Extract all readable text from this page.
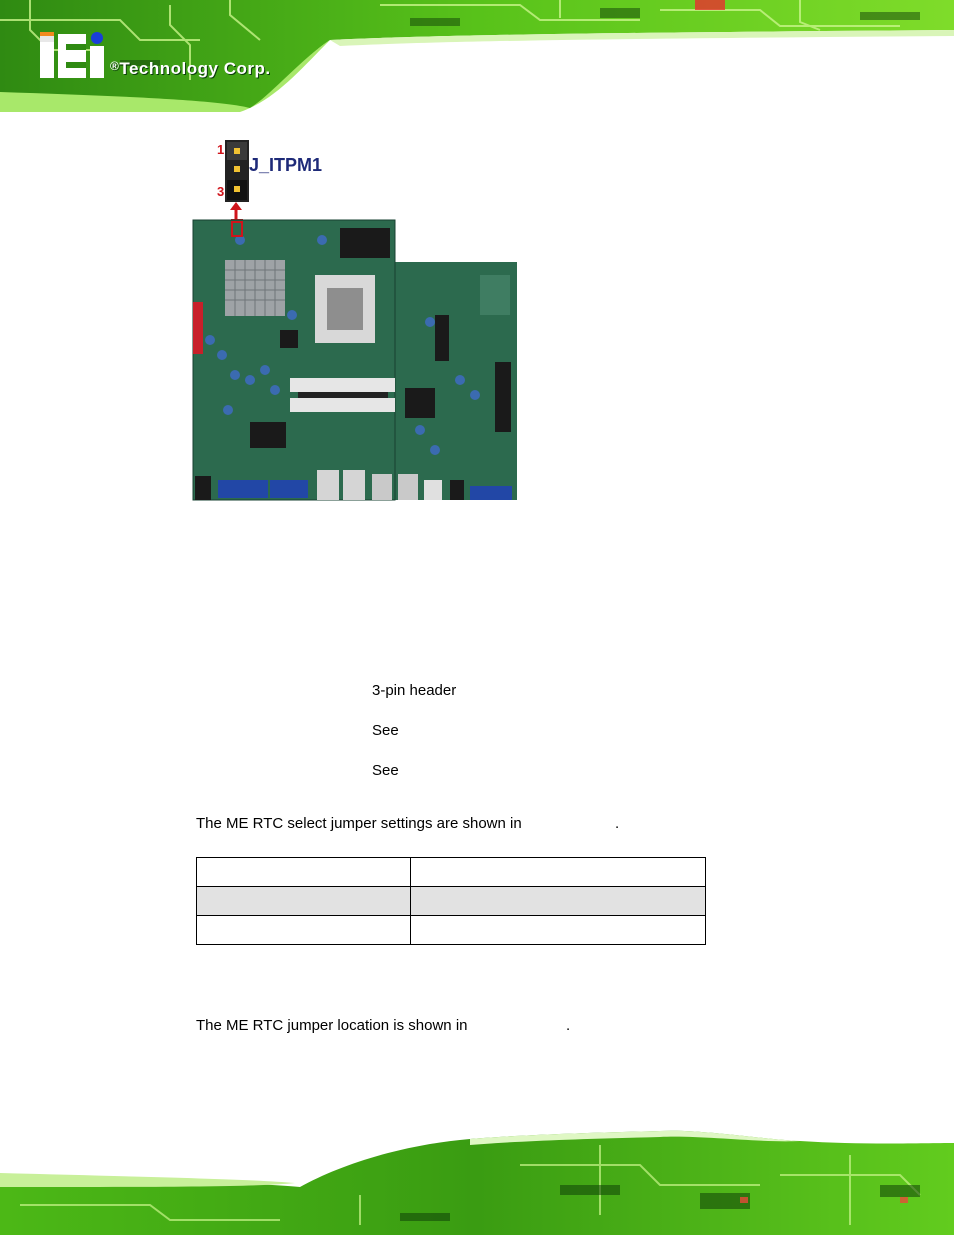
®Technology Corp.
1
3
J_ITPM1
3-pin header
See
See
The ME RTC select jumper settings are shown in	.

The ME RTC jumper location is shown in	.
